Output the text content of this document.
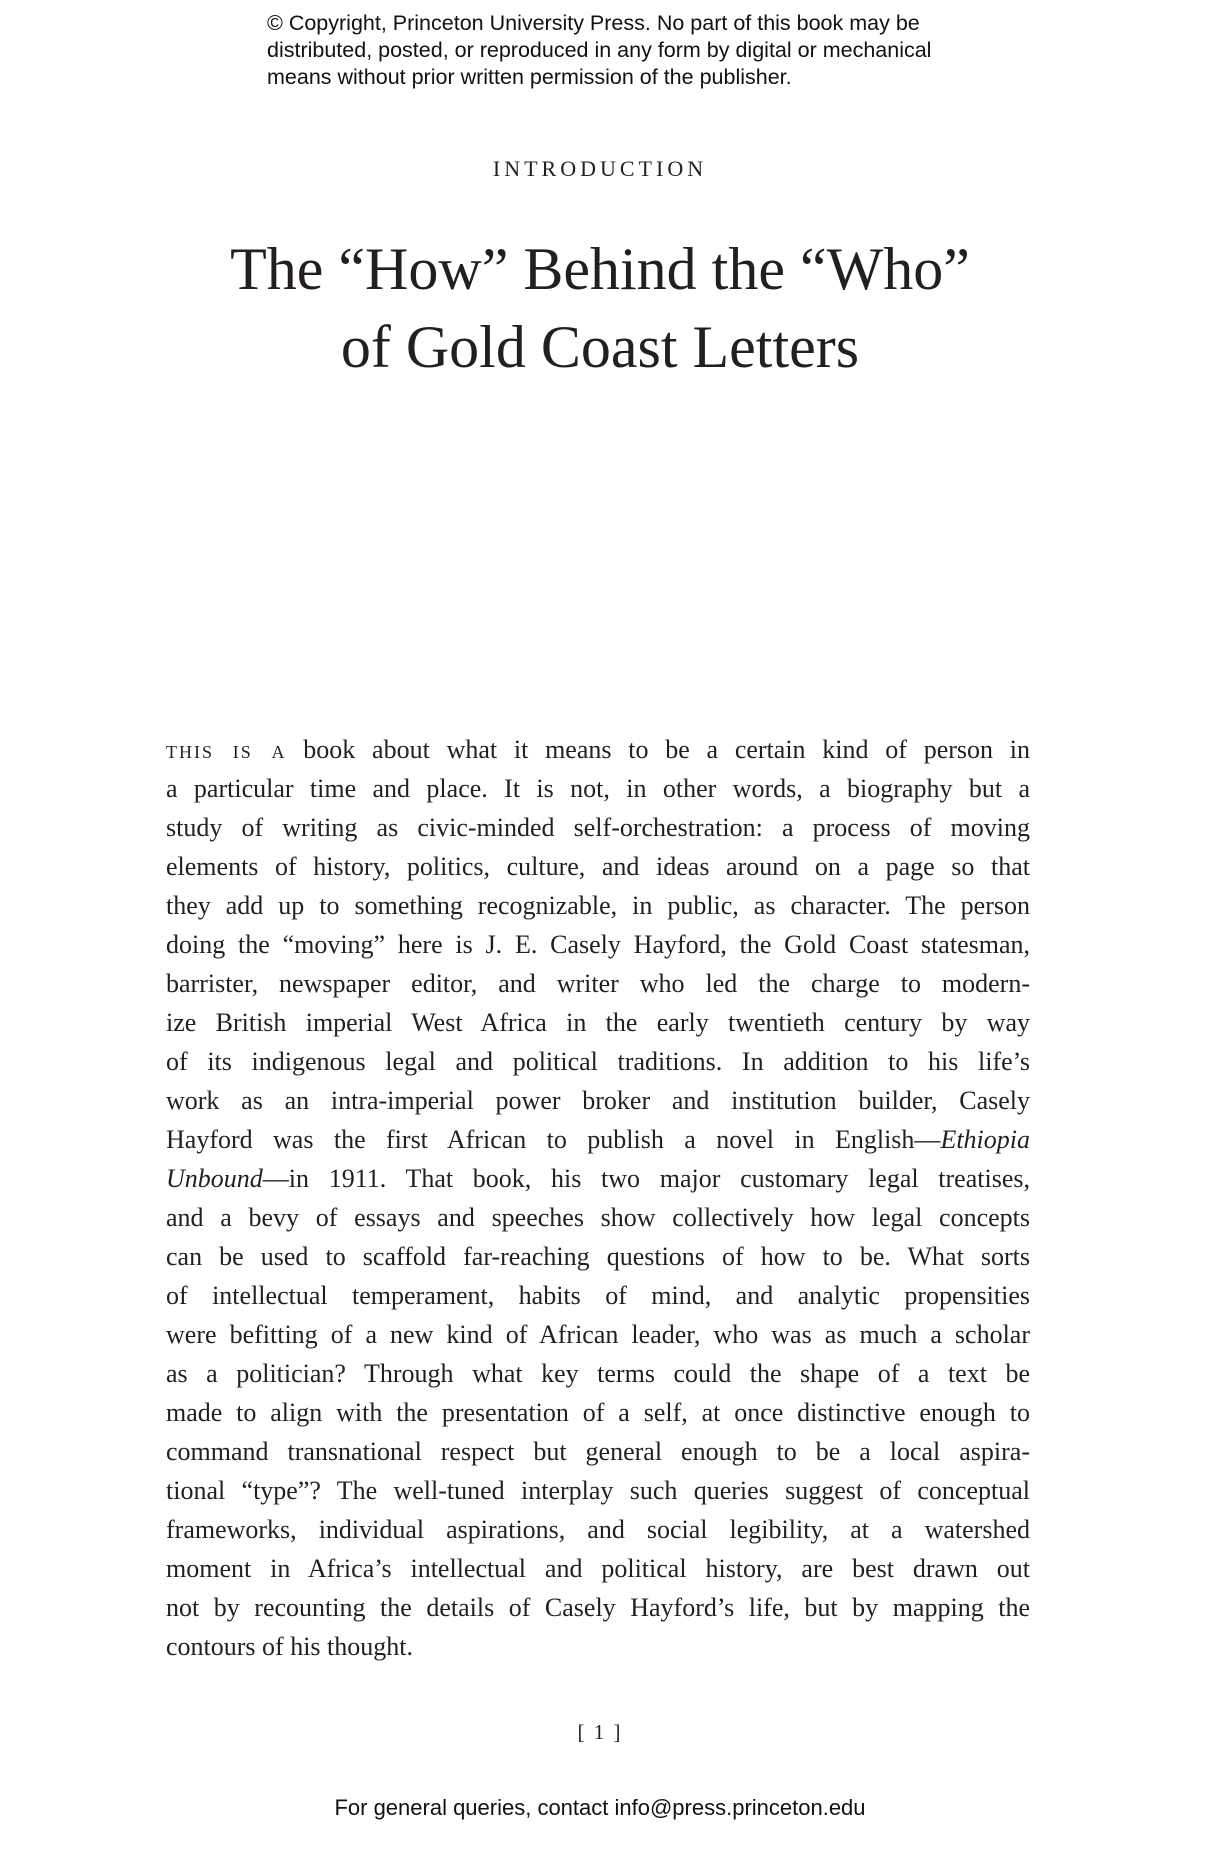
© Copyright, Princeton University Press. No part of this book may be
distributed, posted, or reproduced in any form by digital or mechanical
means without prior written permission of the publisher.
INTRODUCTION
The “How” Behind the “Who”
of Gold Coast Letters
this is a book about what it means to be a certain kind of person in
a particular time and place. It is not, in other words, a biography but a
study of writing as civic-minded self-orchestration: a process of moving
elements of history, politics, culture, and ideas around on a page so that
they add up to something recognizable, in public, as character. The person
doing the “moving” here is J. E. Casely Hayford, the Gold Coast statesman,
barrister, newspaper editor, and writer who led the charge to modern-
ize British imperial West Africa in the early twentieth century by way
of its indigenous legal and political traditions. In addition to his life’s
work as an intra-imperial power broker and institution builder, Casely
Hayford was the first African to publish a novel in English—Ethiopia
Unbound—in 1911. That book, his two major customary legal treatises,
and a bevy of essays and speeches show collectively how legal concepts
can be used to scaffold far-reaching questions of how to be. What sorts
of intellectual temperament, habits of mind, and analytic propensities
were befitting of a new kind of African leader, who was as much a scholar
as a politician? Through what key terms could the shape of a text be
made to align with the presentation of a self, at once distinctive enough to
command transnational respect but general enough to be a local aspira-
tional “type”? The well-tuned interplay such queries suggest of conceptual
frameworks, individual aspirations, and social legibility, at a watershed
moment in Africa’s intellectual and political history, are best drawn out
not by recounting the details of Casely Hayford’s life, but by mapping the
contours of his thought.
[ 1 ]
For general queries, contact info@press.princeton.edu
